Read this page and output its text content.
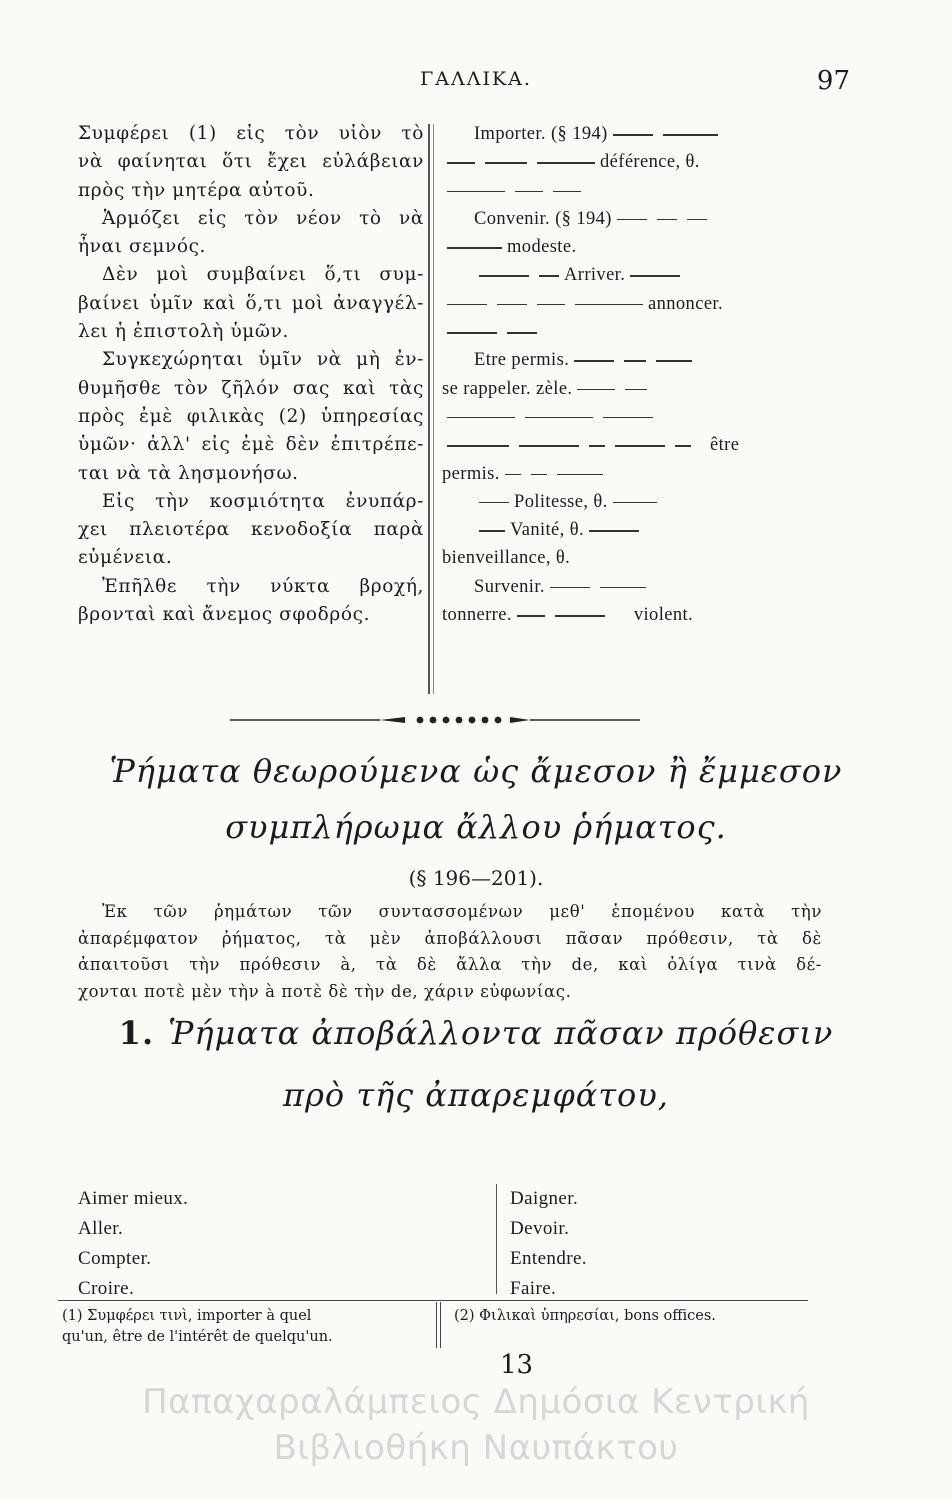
ΓΑΛΛΙΚΑ.	97
Συμφέρει (1) εἰς τὸν υἱὸν τὸ
νὰ φαίνηται ὅτι ἔχει εὐλάβειαν
πρὸς τὴν μητέρα αὐτοῦ.
Ἁρμόζει εἰς τὸν νέον τὸ νὰ
ἦναι σεμνός.
Δὲν μοὶ συμβαίνει ὅ,τι συμ-
βαίνει ὑμῖν καὶ ὅ,τι μοὶ ἀναγγέλ-
λει ἡ ἐπιστολὴ ὑμῶν.
Συγκεχώρηται ὑμῖν νὰ μὴ ἐν-
θυμῆσθε τὸν ζῆλόν σας καὶ τὰς
πρὸς ἐμὲ φιλικὰς (2) ὑπηρεσίας
ὑμῶν· ἀλλ' εἰς ἐμὲ δὲν ἐπιτρέπε-
ται νὰ τὰ λησμονήσω.
Εἰς τὴν κοσμιότητα ἐνυπάρ-
χει πλειοτέρα κενοδοξία παρὰ
εὐμένεια.
Ἐπῆλθε τὴν νύκτα βροχή,
βρονταὶ καὶ ἄνεμος σφοδρός.
Importer. (§ 194)
déférence, θ.
Convenir. (§ 194)
modeste.
Arriver.
annoncer.
Etre permis.
se rappeler. zèle.
être
permis.
Politesse, θ.
Vanité, θ.
bienveillance, θ.
Survenir.
tonnerre.	violent.
Ῥήματα θεωρούμενα ὡς ἄμεσον ἢ ἔμμεσον
συμπλήρωμα ἄλλου ῥήματος.
(§ 196—201).
Ἐκ τῶν ῥημάτων τῶν συντασσομένων μεθ' ἑπομένου κατὰ τὴν
ἀπαρέμφατον ῥήματος, τὰ μὲν ἀποβάλλουσι πᾶσαν πρόθεσιν, τὰ δὲ
ἀπαιτοῦσι τὴν πρόθεσιν à, τὰ δὲ ἄλλα τὴν de, καὶ ὀλίγα τινὰ δέ-
χονται ποτὲ μὲν τὴν à ποτὲ δὲ τὴν de, χάριν εὐφωνίας.
1. Ῥήματα ἀποβάλλοντα πᾶσαν πρόθεσιν
πρὸ τῆς ἀπαρεμφάτου,
Aimer mieux.
Aller.
Compter.
Croire.
Daigner.
Devoir.
Entendre.
Faire.
(1) Συμφέρει τινὶ, importer à quel
qu'un, être de l'intérêt de quelqu'un.
(2) Φιλικαὶ ὑπηρεσίαι, bons offices.
13
Παπαχαραλάμπειος Δημόσια Κεντρική
Βιβλιοθήκη Ναυπάκτου
